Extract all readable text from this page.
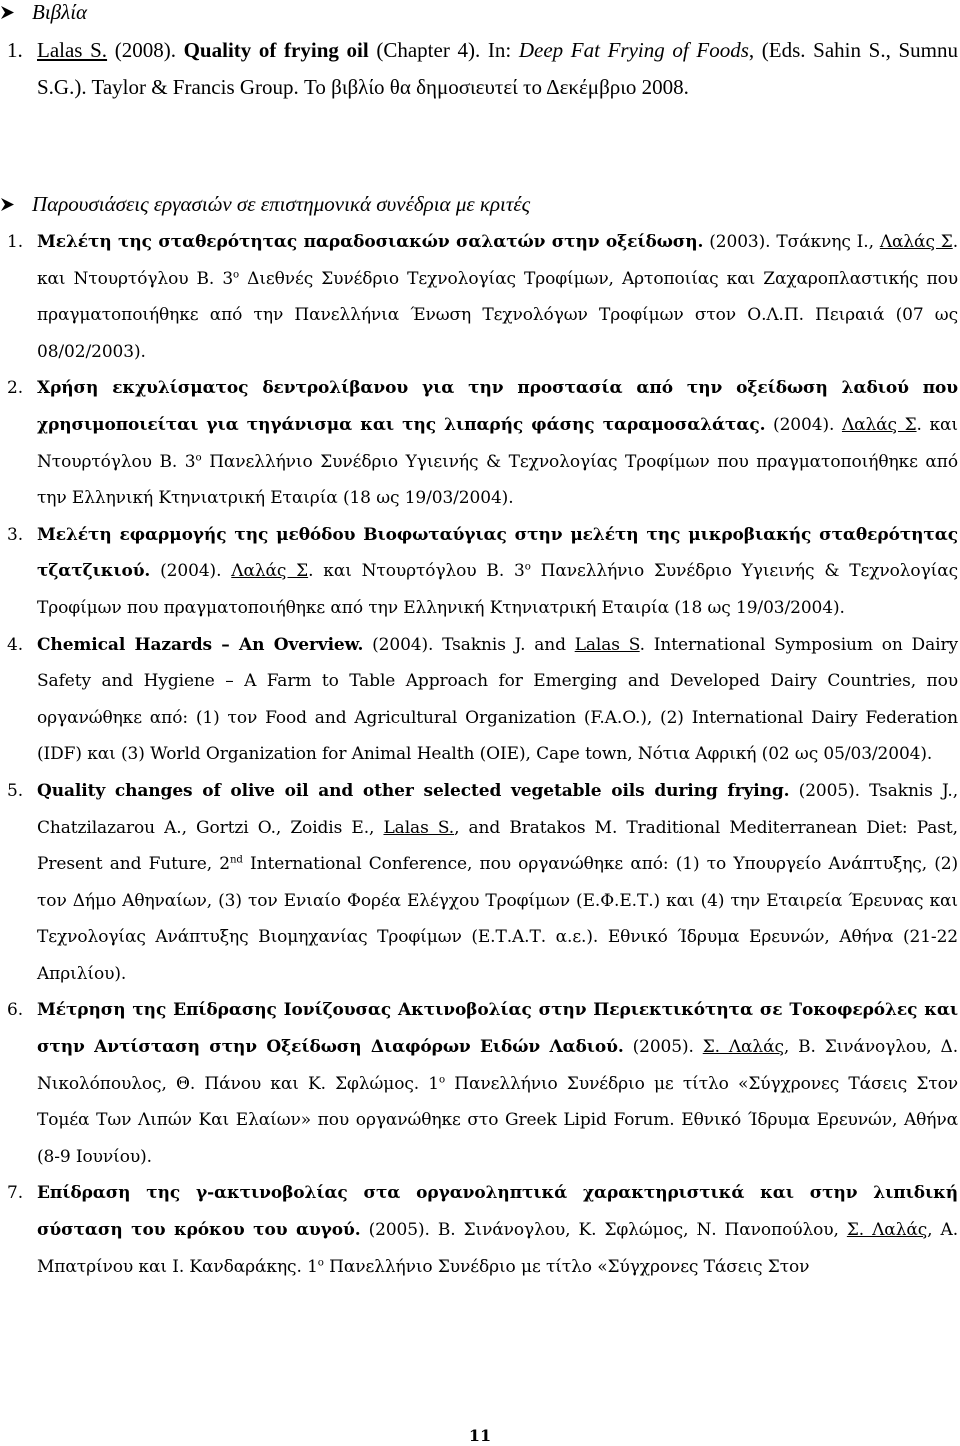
Βιβλία
1. Lalas S. (2008). Quality of frying oil (Chapter 4). In: Deep Fat Frying of Foods, (Eds. Sahin S., Sumnu S.G.). Taylor & Francis Group. Το βιβλίο θα δημοσιευτεί το Δεκέμβριο 2008.
Παρουσιάσεις εργασιών σε επιστημονικά συνέδρια με κριτές
1. Μελέτη της σταθερότητας παραδοσιακών σαλατών στην οξείδωση. (2003). Τσάκνης Ι., Λαλάς Σ. και Ντουρτόγλου Β. $3^o$ Διεθνές Συνέδριο Τεχνολογίας Τροφίμων, Αρτοποιίας και Ζαχαροπλαστικής που πραγματοποιήθηκε από την Πανελλήνια Ένωση Τεχνολόγων Τροφίμων στον Ο.Λ.Π. Πειραιά (07 ως 08/02/2003).
2. Χρήση εκχυλίσματος δεντρολίβανου για την προστασία από την οξείδωση λαδιού που χρησιμοποιείται για τηγάνισμα και της λιπαρής φάσης ταραμοσαλάτας. (2004). Λαλάς Σ. και Ντουρτόγλου Β. $3^o$ Πανελλήνιο Συνέδριο Υγιεινής & Τεχνολογίας Τροφίμων που πραγματοποιήθηκε από την Ελληνική Κτηνιατρική Εταιρία (18 ως 19/03/2004).
3. Μελέτη εφαρμογής της μεθόδου Βιοφωταύγιας στην μελέτη της μικροβιακής σταθερότητας τζατζικιού. (2004). Λαλάς Σ. και Ντουρτόγλου Β. $3^o$ Πανελλήνιο Συνέδριο Υγιεινής & Τεχνολογίας Τροφίμων που πραγματοποιήθηκε από την Ελληνική Κτηνιατρική Εταιρία (18 ως 19/03/2004).
4. Chemical Hazards – An Overview. (2004). Tsaknis J. and Lalas S. International Symposium on Dairy Safety and Hygiene – A Farm to Table Approach for Emerging and Developed Dairy Countries, που οργανώθηκε από: (1) τον Food and Agricultural Organization (F.A.O.), (2) International Dairy Federation (IDF) και (3) World Organization for Animal Health (OIE), Cape town, Νότια Αφρική (02 ως 05/03/2004).
5. Quality changes of olive oil and other selected vegetable oils during frying. (2005). Tsaknis J., Chatzilazarou A., Gortzi O., Zoidis E., Lalas S., and Bratakos M. Traditional Mediterranean Diet: Past, Present and Future, 2nd International Conference, που οργανώθηκε από: (1) το Υπουργείο Ανάπτυξης, (2) τον Δήμο Αθηναίων, (3) τον Ενιαίο Φορέα Ελέγχου Τροφίμων (Ε.Φ.Ε.Τ.) και (4) την Εταιρεία Έρευνας και Τεχνολογίας Ανάπτυξης Βιομηχανίας Τροφίμων (Ε.Τ.Α.Τ. α.ε.). Εθνικό Ίδρυμα Ερευνών, Αθήνα (21-22 Απριλίου).
6. Μέτρηση της Επίδρασης Ιονίζουσας Ακτινοβολίας στην Περιεκτικότητα σε Τοκοφερόλες και στην Αντίσταση στην Οξείδωση Διαφόρων Ειδών Λαδιού. (2005). Σ. Λαλάς, Β. Σινάνογλου, Δ. Νικολόπουλος, Θ. Πάνου και Κ. Σφλώμος. $1^o$ Πανελλήνιο Συνέδριο με τίτλο «Σύγχρονες Τάσεις Στον Τομέα Των Λιπών Και Ελαίων» που οργανώθηκε στο Greek Lipid Forum. Εθνικό Ίδρυμα Ερευνών, Αθήνα (8-9 Ιουνίου).
7. Επίδραση της γ-ακτινοβολίας στα οργανοληπτικά χαρακτηριστικά και στην λιπιδική σύσταση του κρόκου του αυγού. (2005). Β. Σινάνογλου, Κ. Σφλώμος, Ν. Πανοπούλου, Σ. Λαλάς, Α. Μπατρίνου και Ι. Κανδαράκης. $1^o$ Πανελλήνιο Συνέδριο με τίτλο «Σύγχρονες Τάσεις Στον
11
